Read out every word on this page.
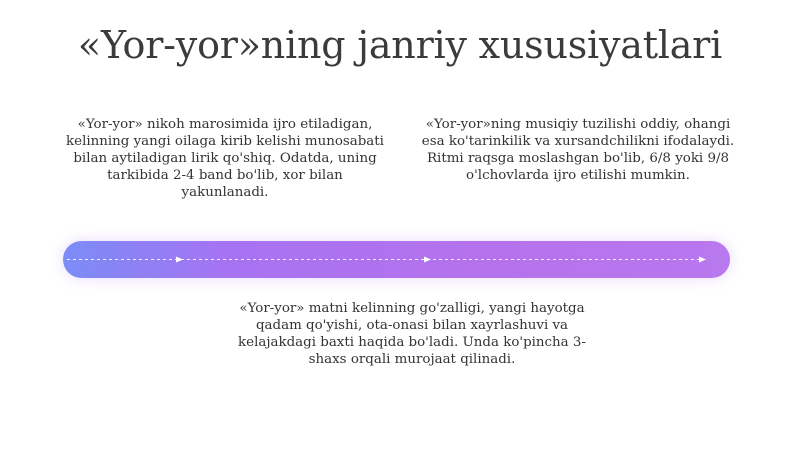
«Yor-yor»ning janriy xususiyatlari
«Yor-yor» nikoh marosimida ijro etiladigan, kelinning yangi oilaga kirib kelishi munosabati bilan aytiladigan lirik qo'shiq. Odatda, uning tarkibida 2-4 band bo'lib, xor bilan yakunlanadi.
«Yor-yor»ning musiqiy tuzilishi oddiy, ohangi esa ko'tarinkilik va xursandchilikni ifodalaydi. Ritmi raqsga moslashgan bo'lib, 6/8 yoki 9/8 o'lchovlarda ijro etilishi mumkin.
«Yor-yor» matni kelinning go'zalligi, yangi hayotga qadam qo'yishi, ota-onasi bilan xayrlashuvi va kelajakdagi baxti haqida bo'ladi. Unda ko'pincha 3-shaxs orqali murojaat qilinadi.
